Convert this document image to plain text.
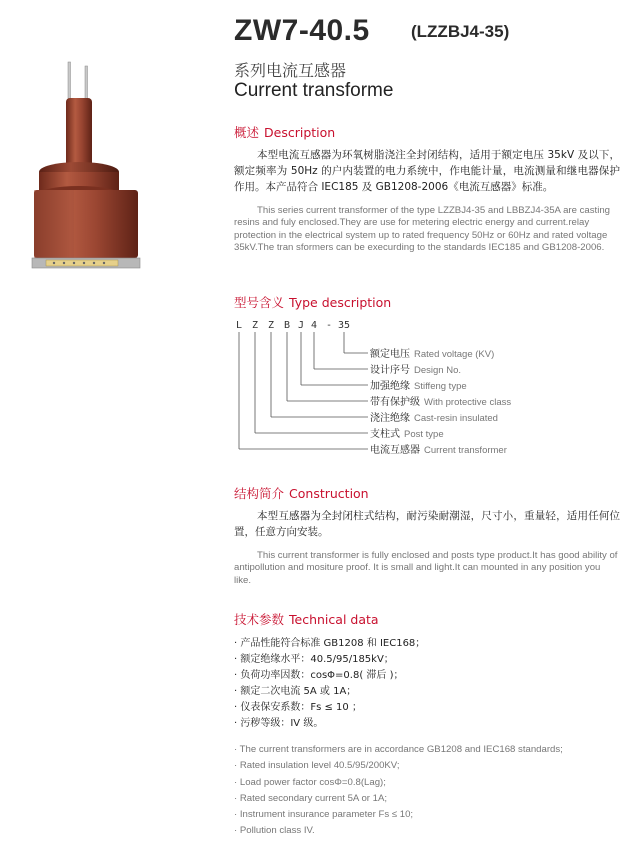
ZW7-40.5 (LZZBJ4-35)
系列电流互感器
Current transforme
概述 Description

本型电流互感器为环氧树脂浇注全封闭结构，适用于额定电压 35kV 及以下，额定频率为 50Hz 的户内装置的电力系统中，作电能计量，电流测量和继电器保护作用。本产品符合 IEC185 及 GB1208-2006《电流互感器》标准。

This series current transformer of the type LZZBJ4-35 and LBBZJ4-35A are casting resins and fuly enclosed.They are use for metering electric energy and current.relay protection in the electrical system up to rated frequency 50Hz or 60Hz and rated voltage 35kV.The tran sformers can be execurding to the standards IEC185 and GB1208-2006.

型号含义 Type description
L Z Z B J 4 - 35
额定电压 Rated voltage (KV)
设计序号 Design No.
加强绝缘 Stiffeng type
带有保护级 With protective class
浇注绝缘 Cast-resin insulated
支柱式 Post type
电流互感器 Current transformer
结构简介 Construction

本型互感器为全封闭柱式结构，耐污染耐潮湿，尺寸小，重量轻，适用任何位置，任意方向安装。

This current transformer is fully enclosed and posts type product.It has good ability of antipollution and mositure proof. It is small and light.It can mounted in any position you like.

技术参数 Technical data
· 产品性能符合标准 GB1208 和 IEC168；
· 额定绝缘水平：40.5/95/185kV；
· 负荷功率因数：cosΦ=0.8( 滞后 )；
· 额定二次电流 5A 或 1A；
· 仪表保安系数：Fs ≤ 10 ；
· 污秽等级：IV 级。
· The current transformers are in accordance GB1208 and IEC168 standards;
· Rated insulation level 40.5/95/200KV;
· Load power factor cosΦ=0.8(Lag);
· Rated secondary current 5A or 1A;
· Instrument insurance parameter Fs ≤ 10;
· Pollution class IV.
